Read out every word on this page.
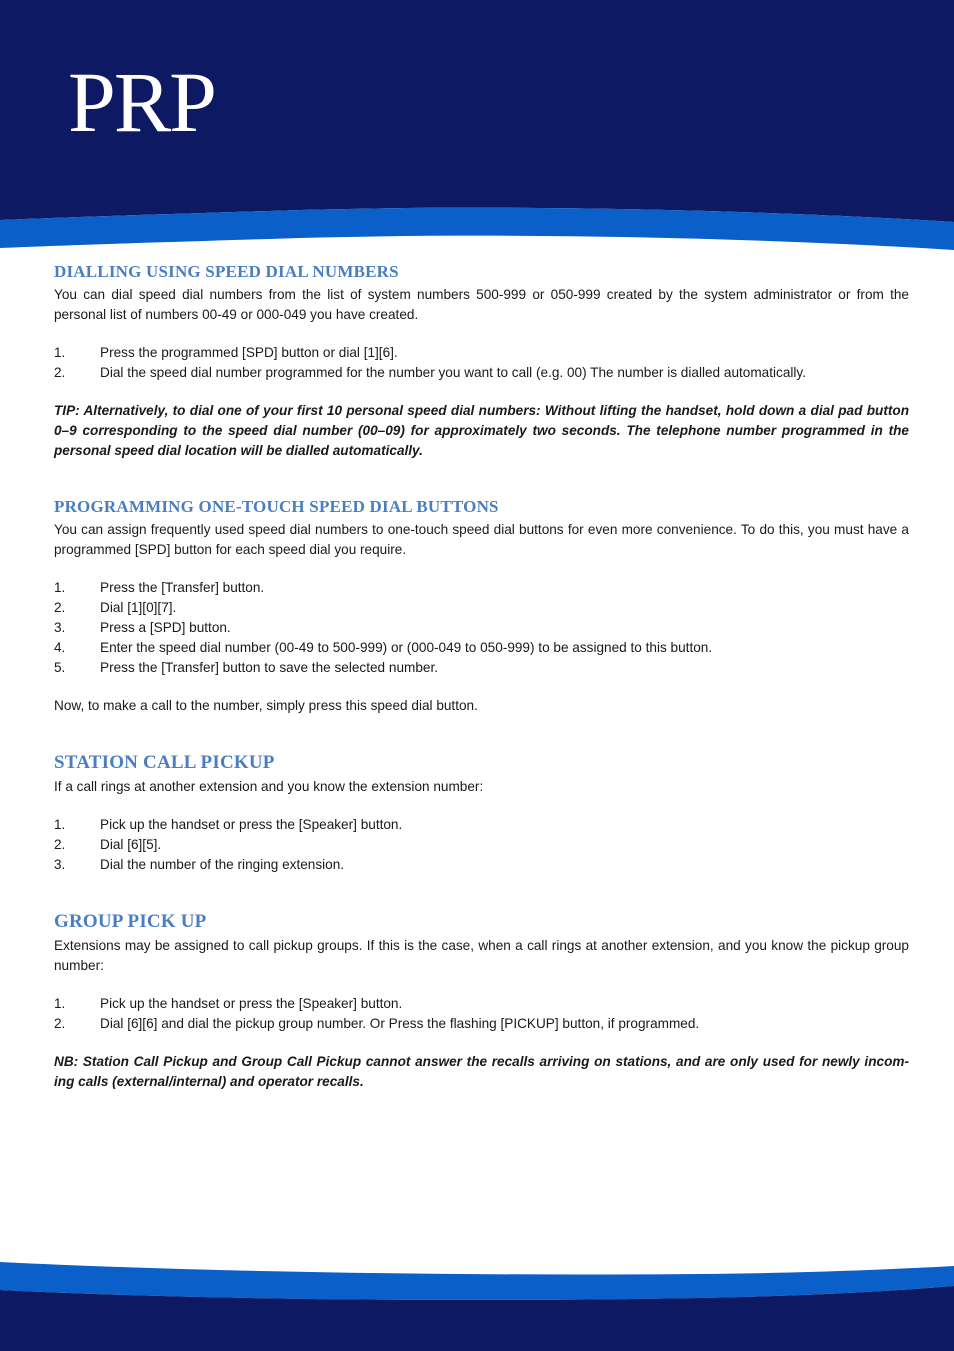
PRP
DIALLING USING SPEED DIAL NUMBERS

You can dial speed dial numbers from the list of system numbers 500-999 or 050-999 created by the system administrator or from the personal list of numbers 00-49 or 000-049 you have created.

1.	Press the programmed [SPD] button or dial [1][6].
2.	Dial the speed dial number programmed for the number you want to call (e.g. 00) The number is dialled automatically.

TIP: Alternatively, to dial one of your first 10 personal speed dial numbers: Without lifting the handset, hold down a dial pad button 0–9 corresponding to the speed dial number (00–09) for approximately two seconds. The telephone number programmed in the personal speed dial location will be dialled automatically.

PROGRAMMING ONE-TOUCH SPEED DIAL BUTTONS

You can assign frequently used speed dial numbers to one-touch speed dial buttons for even more convenience. To do this, you must have a programmed [SPD] button for each speed dial you require.

1.	Press the [Transfer] button.
2.	Dial [1][0][7].
3.	Press a [SPD] button.
4.	Enter the speed dial number (00-49 to 500-999) or (000-049 to 050-999) to be assigned to this button.
5.	Press the [Transfer] button to save the selected number.

Now, to make a call to the number, simply press this speed dial button.

STATION CALL PICKUP

If a call rings at another extension and you know the extension number:

1.	Pick up the handset or press the [Speaker] button.
2.	Dial [6][5].
3.	Dial the number of the ringing extension.
GROUP PICK UP

Extensions may be assigned to call pickup groups. If this is the case, when a call rings at another extension, and you know the pickup group number:

1.	Pick up the handset or press the [Speaker] button.
2.	Dial [6][6] and dial the pickup group number. Or Press the flashing [PICKUP] button, if programmed.

NB: Station Call Pickup and Group Call Pickup cannot answer the recalls arriving on stations, and are only used for newly incom-ing calls (external/internal) and operator recalls.
